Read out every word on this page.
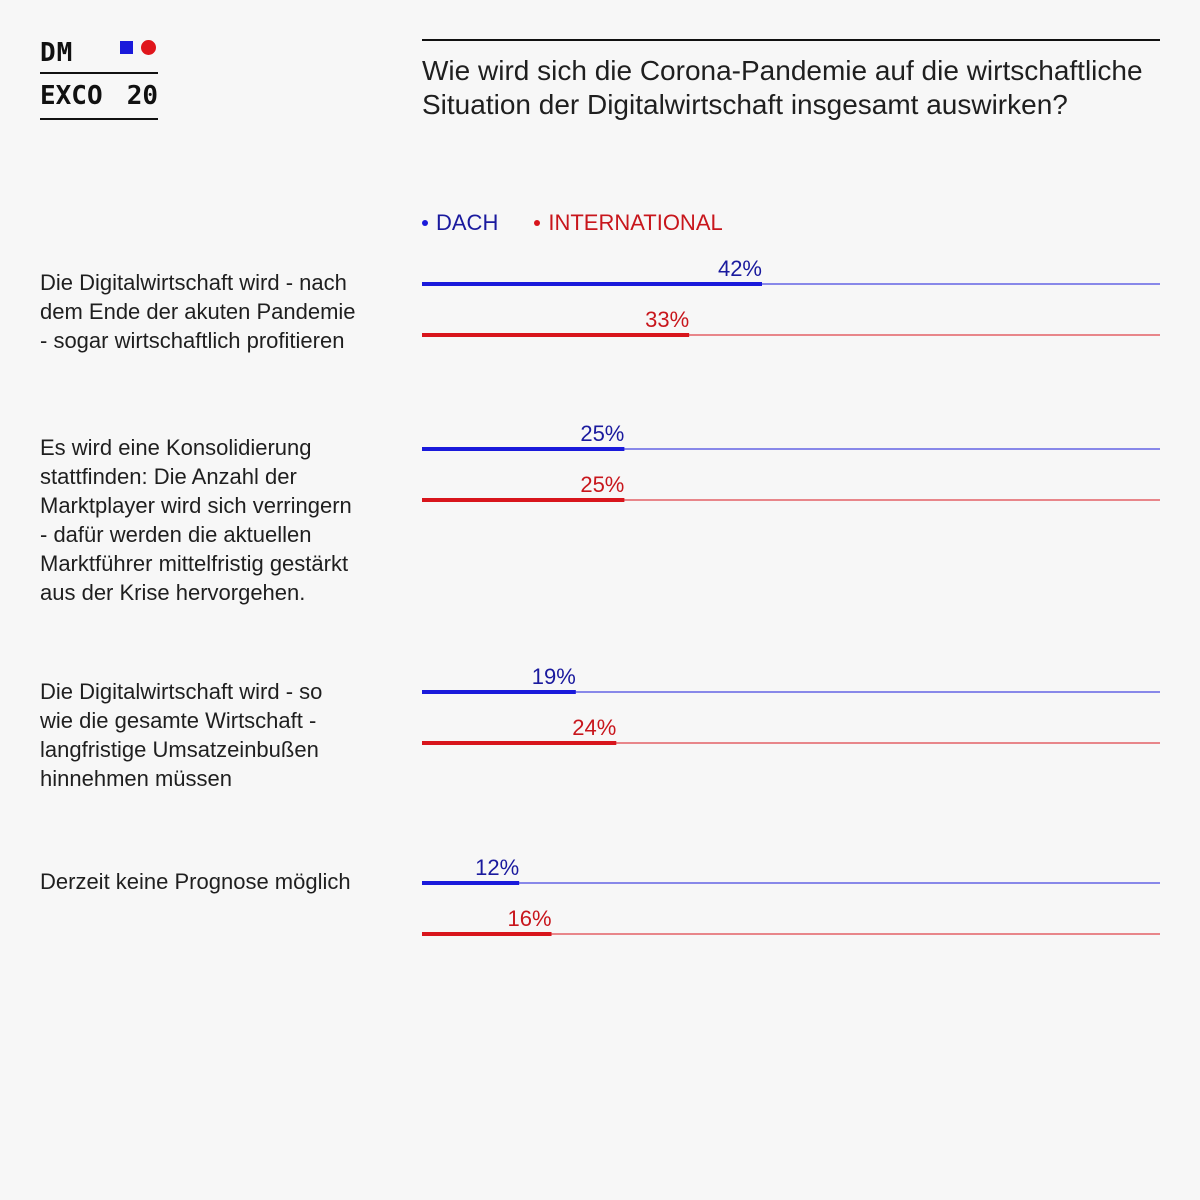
DM
EXCO 20
Wie wird sich die Corona-Pandemie auf die wirtschaftliche Situation der Digitalwirtschaft insgesamt auswirken?
DACH INTERNATIONAL
Die Digitalwirtschaft wird - nach dem Ende der akuten Pandemie - sogar wirtschaftlich profitieren
Es wird eine Konsolidierung stattfinden: Die Anzahl der Marktplayer wird sich verringern - dafür werden die aktuellen Marktführer mittelfristig gestärkt aus der Krise hervorgehen.
Die Digitalwirtschaft wird - so wie die gesamte Wirtschaft - langfristige Umsatzeinbußen hinnehmen müssen
Derzeit keine Prognose möglich
42%
33%
25%
25%
19%
24%
12%
16%
